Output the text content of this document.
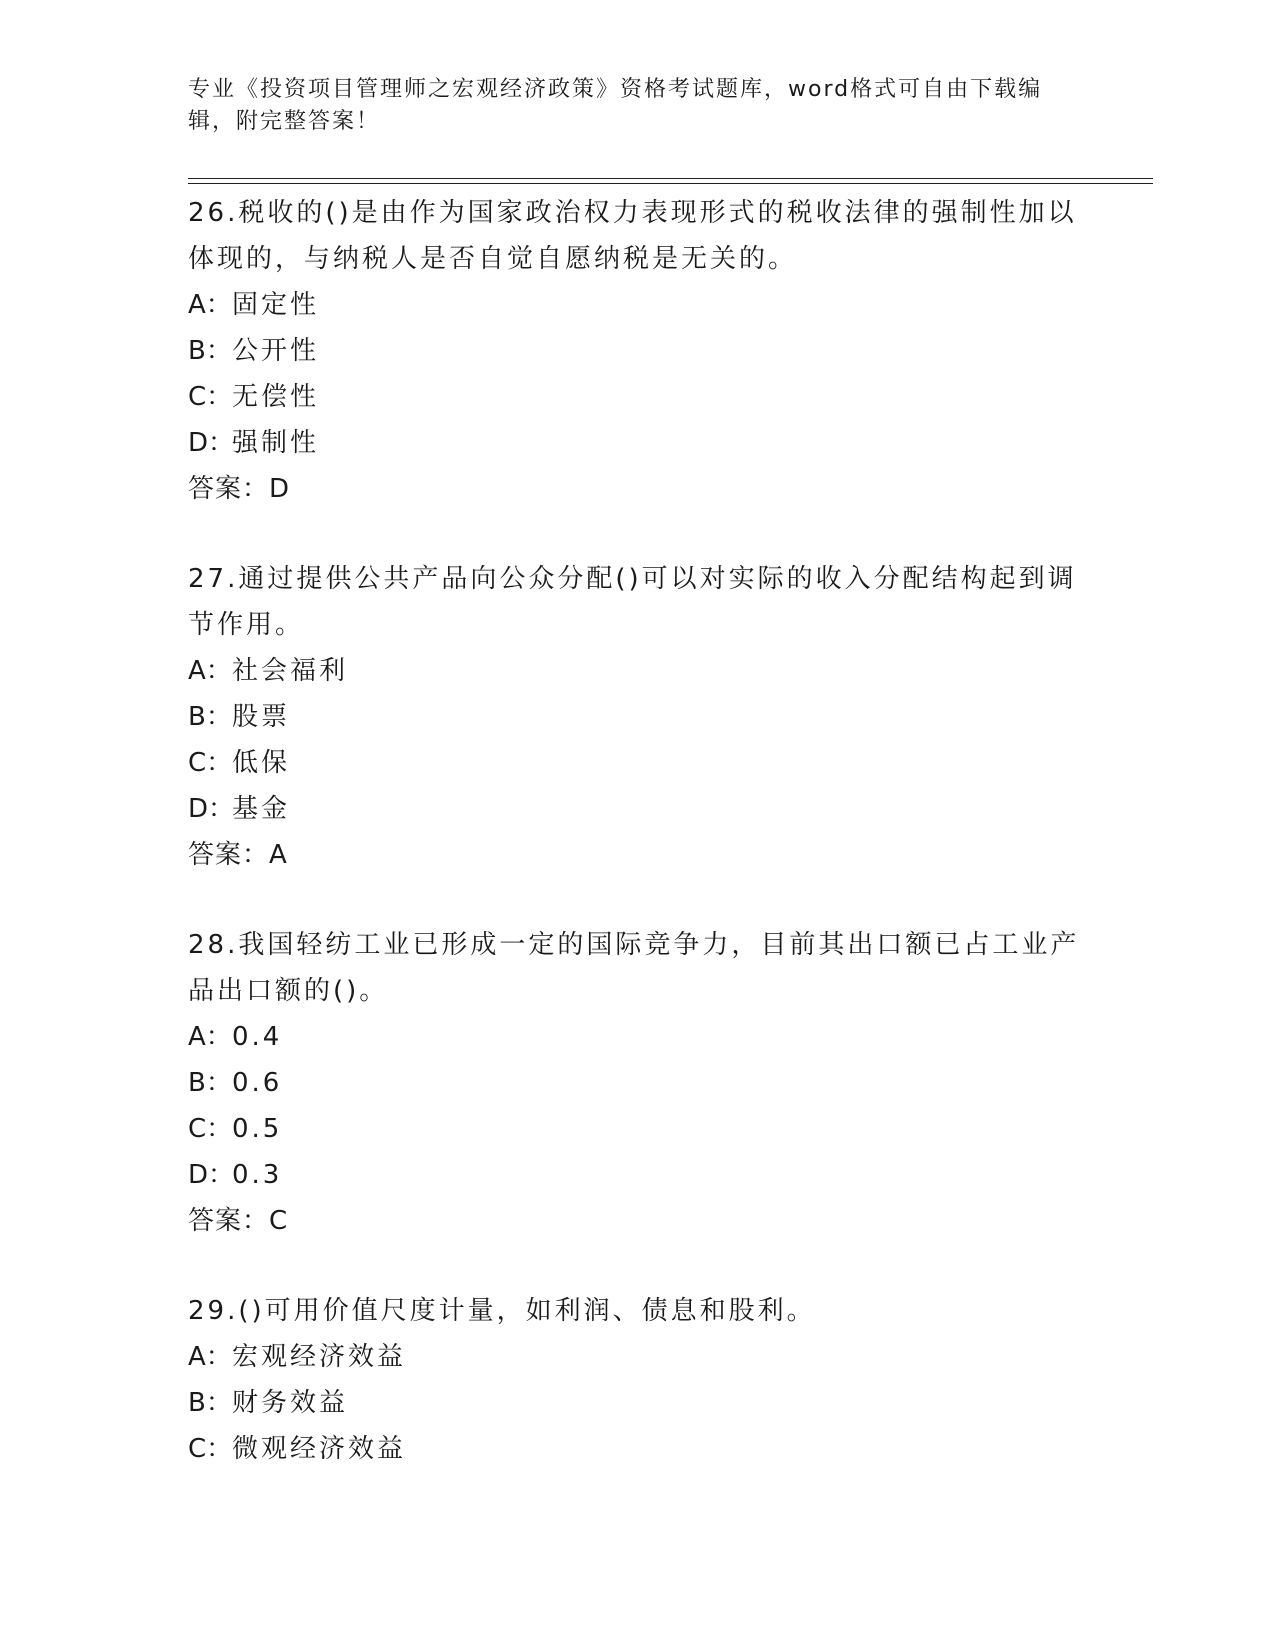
专业《投资项目管理师之宏观经济政策》资格考试题库，word格式可自由下载编辑，附完整答案！

26.税收的()是由作为国家政治权力表现形式的税收法律的强制性加以体现的，与纳税人是否自觉自愿纳税是无关的。

A：固定性

B：公开性

C：无偿性

D：强制性

答案：D

27.通过提供公共产品向公众分配()可以对实际的收入分配结构起到调节作用。

A：社会福利

B：股票

C：低保

D：基金

答案：A

28.我国轻纺工业已形成一定的国际竞争力，目前其出口额已占工业产品出口额的()。

A：0.4

B：0.6

C：0.5

D：0.3

答案：C

29.()可用价值尺度计量，如利润、债息和股利。

A：宏观经济效益

B：财务效益

C：微观经济效益
